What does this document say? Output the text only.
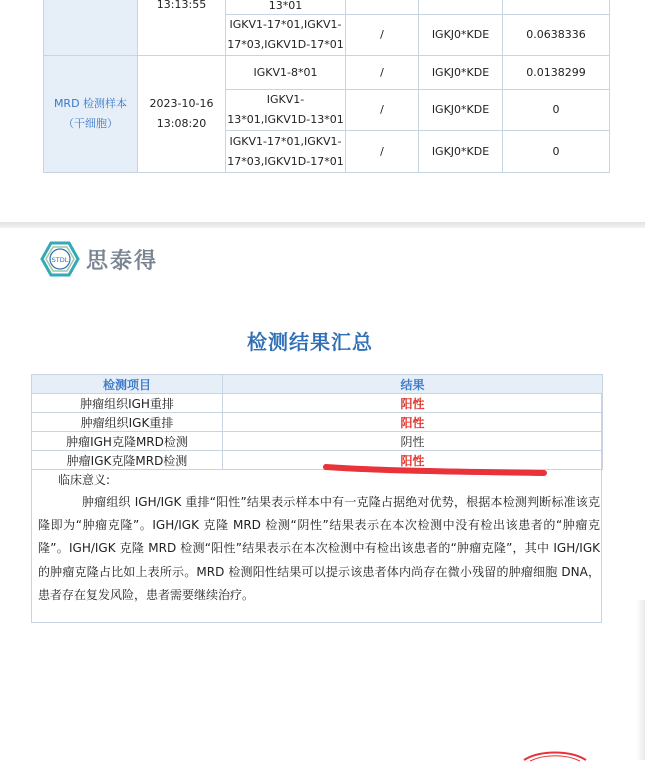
	13:13:55	13*01			
		IGKV1-17*01,IGKV1-17*03,IGKV1D-17*01	/	IGKJ0*KDE	0.0638336
MRD 检测样本（干细胞）	2023-10-16 13:08:20	IGKV1-8*01	/	IGKJ0*KDE	0.0138299
		IGKV1-13*01,IGKV1D-13*01	/	IGKJ0*KDE	0
		IGKV1-17*01,IGKV1-17*03,IGKV1D-17*01	/	IGKJ0*KDE	0
STDL 思泰得
检测结果汇总
检测项目	结果
肿瘤组织IGH重排	阳性
肿瘤组织IGK重排	阳性
肿瘤IGH克隆MRD检测	阴性
肿瘤IGK克隆MRD检测	阳性
临床意义:
肿瘤组织 IGH/IGK 重排“阳性”结果表示样本中有一克隆占据绝对优势，根据本检测判断标准该克隆即为“肿瘤克隆”。IGH/IGK 克隆 MRD 检测“阴性”结果表示在本次检测中没有检出该患者的“肿瘤克隆”。IGH/IGK 克隆 MRD 检测“阳性”结果表示在本次检测中有检出该患者的“肿瘤克隆”，其中 IGH/IGK 的肿瘤克隆占比如上表所示。MRD 检测阳性结果可以提示该患者体内尚存在微小残留的肿瘤细胞 DNA，患者存在复发风险，患者需要继续治疗。
